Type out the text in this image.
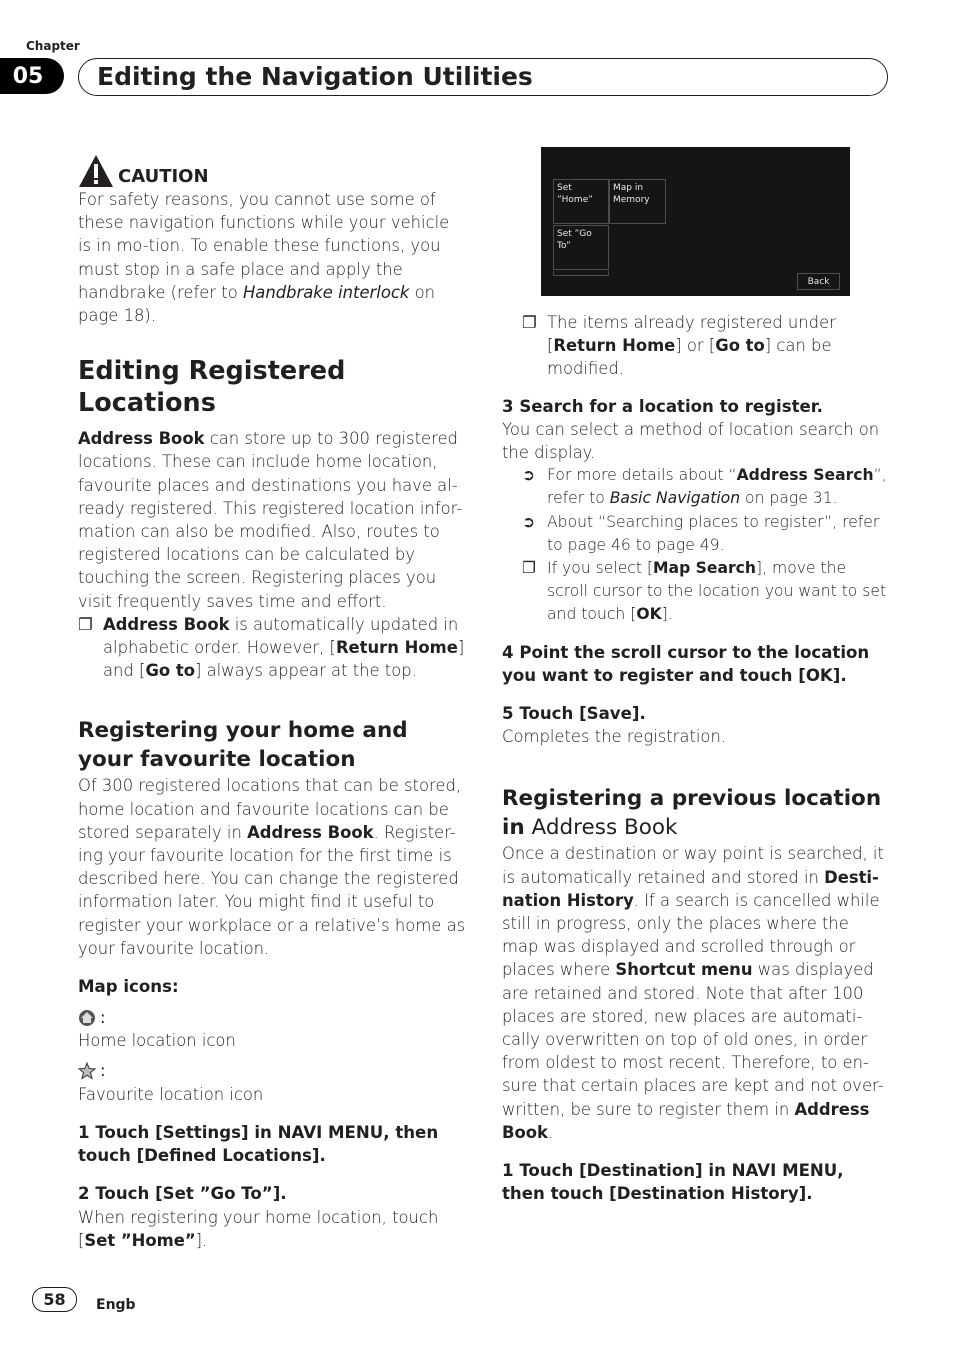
Chapter
05	Editing the Navigation Utilities
CAUTION

For safety reasons, you cannot use some of these navigation functions while your vehicle is in mo-tion. To enable these functions, you must stop in a safe place and apply the handbrake (refer to Handbrake interlock on page 18).

Editing Registered Locations

Address Book can store up to 300 registered locations. These can include home location, favourite places and destinations you have al-ready registered. This registered location infor-mation can also be modified. Also, routes to registered locations can be calculated by touching the screen. Registering places you visit frequently saves time and effort.

❐ Address Book is automatically updated in alphabetic order. However, [Return Home] and [Go to] always appear at the top.
Registering your home and your favourite location

Of 300 registered locations that can be stored, home location and favourite locations can be stored separately in Address Book. Register-ing your favourite location for the first time is described here. You can change the registered information later. You might find it useful to register your workplace or a relative’s home as your favourite location.

Map icons:
:
Home location icon
:
Favourite location icon
1 Touch [Settings] in NAVI MENU, then touch [Defined Locations].
2 Touch [Set ”Go To”].

When registering your home location, touch [Set ”Home”].

Set ”Home”
Map in Memory
Set ”Go To”
Back
❐ The items already registered under [Return Home] or [Go to] can be modified.
3 Search for a location to register.

You can select a method of location search on the display.

➲ For more details about “Address Search”, refer to Basic Navigation on page 31.
➲ About “Searching places to register”, refer to page 46 to page 49.
❐ If you select [Map Search], move the scroll cursor to the location you want to set and touch [OK].
4 Point the scroll cursor to the location you want to register and touch [OK].
5 Touch [Save].

Completes the registration.

Registering a previous location in Address Book

Once a destination or way point is searched, it is automatically retained and stored in Desti-nation History. If a search is cancelled while still in progress, only the places where the map was displayed and scrolled through or places where Shortcut menu was displayed are retained and stored. Note that after 100 places are stored, new places are automati-cally overwritten on top of old ones, in order from oldest to most recent. Therefore, to en-sure that certain places are kept and not over-written, be sure to register them in Address Book.

1 Touch [Destination] in NAVI MENU, then touch [Destination History].
58	Engb
